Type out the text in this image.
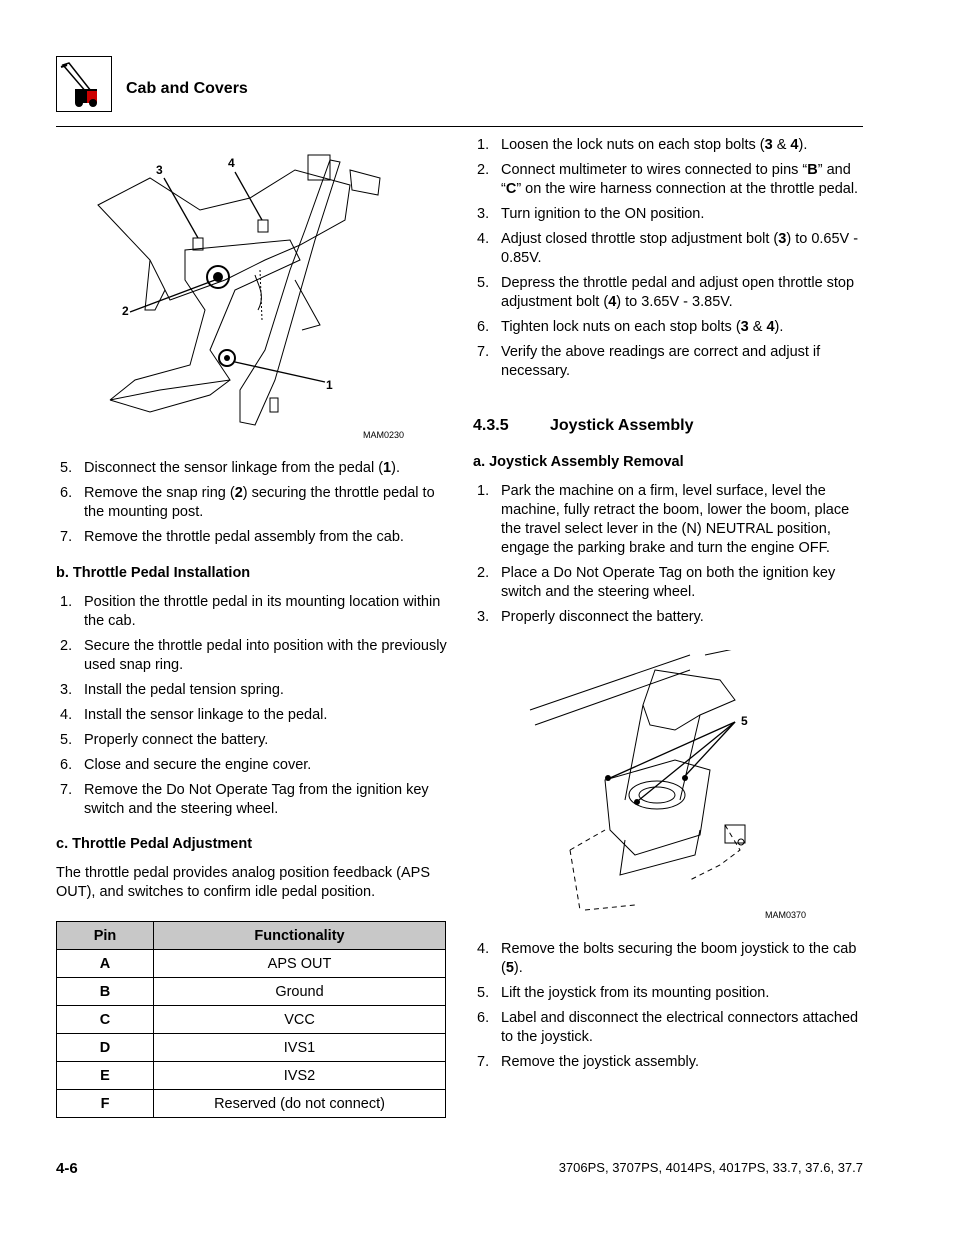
Cab and Covers
3	4
2
1
MAM0230
5. Disconnect the sensor linkage from the pedal (1).
6. Remove the snap ring (2) securing the throttle pedal to the mounting post.
7. Remove the throttle pedal assembly from the cab.
b. Throttle Pedal Installation
1. Position the throttle pedal in its mounting location within the cab.
2. Secure the throttle pedal into position with the previously used snap ring.
3. Install the pedal tension spring.
4. Install the sensor linkage to the pedal.
5. Properly connect the battery.
6. Close and secure the engine cover.
7. Remove the Do Not Operate Tag from the ignition key switch and the steering wheel.
c. Throttle Pedal Adjustment
The throttle pedal provides analog position feedback (APS OUT), and switches to confirm idle pedal position.
Pin	Functionality
A	APS OUT
B	Ground
C	VCC
D	IVS1
E	IVS2
F	Reserved (do not connect)
1. Loosen the lock nuts on each stop bolts (3 & 4).
2. Connect multimeter to wires connected to pins “B” and “C” on the wire harness connection at the throttle pedal.
3. Turn ignition to the ON position.
4. Adjust closed throttle stop adjustment bolt (3) to 0.65V - 0.85V.
5. Depress the throttle pedal and adjust open throttle stop adjustment bolt (4) to 3.65V - 3.85V.
6. Tighten lock nuts on each stop bolts (3 & 4).
7. Verify the above readings are correct and adjust if necessary.
4.3.5	Joystick Assembly
a. Joystick Assembly Removal
1. Park the machine on a firm, level surface, level the machine, fully retract the boom, lower the boom, place the travel select lever in the (N) NEUTRAL position, engage the parking brake and turn the engine OFF.
2. Place a Do Not Operate Tag on both the ignition key switch and the steering wheel.
3. Properly disconnect the battery.
5
MAM0370
4. Remove the bolts securing the boom joystick to the cab (5).
5. Lift the joystick from its mounting position.
6. Label and disconnect the electrical connectors attached to the joystick.
7. Remove the joystick assembly.
4-6	3706PS, 3707PS, 4014PS, 4017PS, 33.7, 37.6, 37.7
